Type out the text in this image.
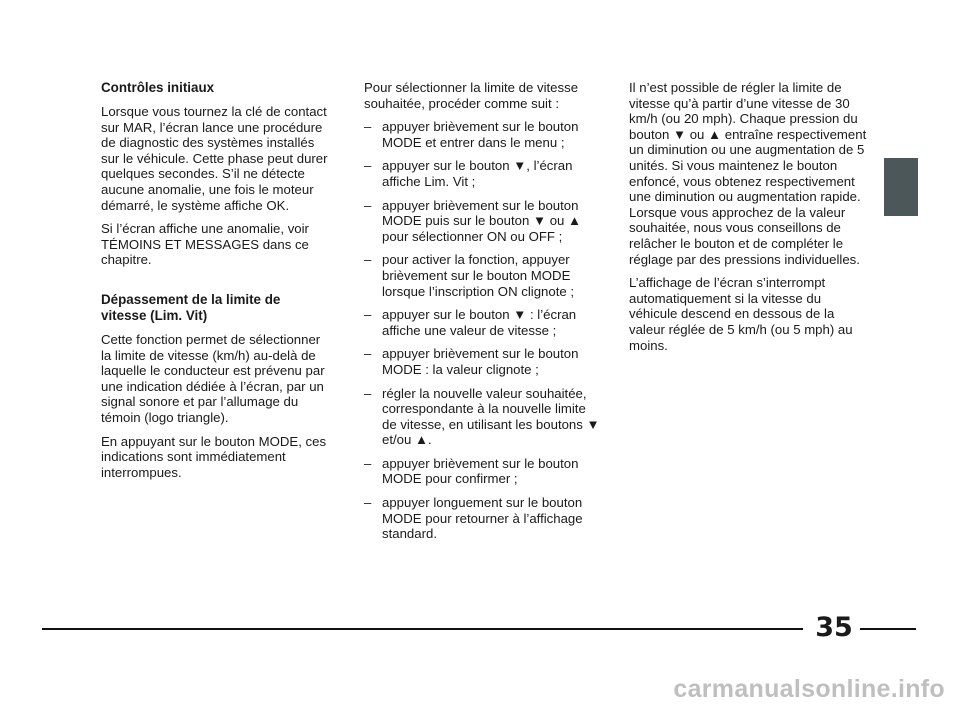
Contrôles initiaux

Lorsque vous tournez la clé de contact sur MAR, l’écran lance une procédure de diagnostic des systèmes installés sur le véhicule. Cette phase peut durer quelques secondes. S’il ne détecte aucune anomalie, une fois le moteur démarré, le système affiche OK.

Si l’écran affiche une anomalie, voir TÉMOINS ET MESSAGES dans ce chapitre.

Dépassement de la limite de vitesse (Lim. Vit)

Cette fonction permet de sélectionner la limite de vitesse (km/h) au-delà de laquelle le conducteur est prévenu par une indication dédiée à l’écran, par un signal sonore et par l’allumage du témoin (logo triangle).

En appuyant sur le bouton MODE, ces indications sont immédiatement interrompues.

Pour sélectionner la limite de vitesse souhaitée, procéder comme suit :

– appuyer brièvement sur le bouton MODE et entrer dans le menu ;
– appuyer sur le bouton ▼, l’écran affiche Lim. Vit ;
– appuyer brièvement sur le bouton MODE puis sur le bouton ▼ ou ▲ pour sélectionner ON ou OFF ;
– pour activer la fonction, appuyer brièvement sur le bouton MODE lorsque l’inscription ON clignote ;
– appuyer sur le bouton ▼ : l’écran affiche une valeur de vitesse ;
– appuyer brièvement sur le bouton MODE : la valeur clignote ;
– régler la nouvelle valeur souhaitée, correspondante à la nouvelle limite de vitesse, en utilisant les boutons ▼ et/ou ▲.
– appuyer brièvement sur le bouton MODE pour confirmer ;
– appuyer longuement sur le bouton MODE pour retourner à l’affichage standard.

Il n’est possible de régler la limite de vitesse qu’à partir d’une vitesse de 30 km/h (ou 20 mph). Chaque pression du bouton ▼ ou ▲ entraîne respectivement un diminution ou une augmentation de 5 unités. Si vous maintenez le bouton enfoncé, vous obtenez respectivement une diminution ou augmentation rapide. Lorsque vous approchez de la valeur souhaitée, nous vous conseillons de relâcher le bouton et de compléter le réglage par des pressions individuelles.

L’affichage de l’écran s’interrompt automatiquement si la vitesse du véhicule descend en dessous de la valeur réglée de 5 km/h (ou 5 mph) au moins.

35
carmanualsonline.info
